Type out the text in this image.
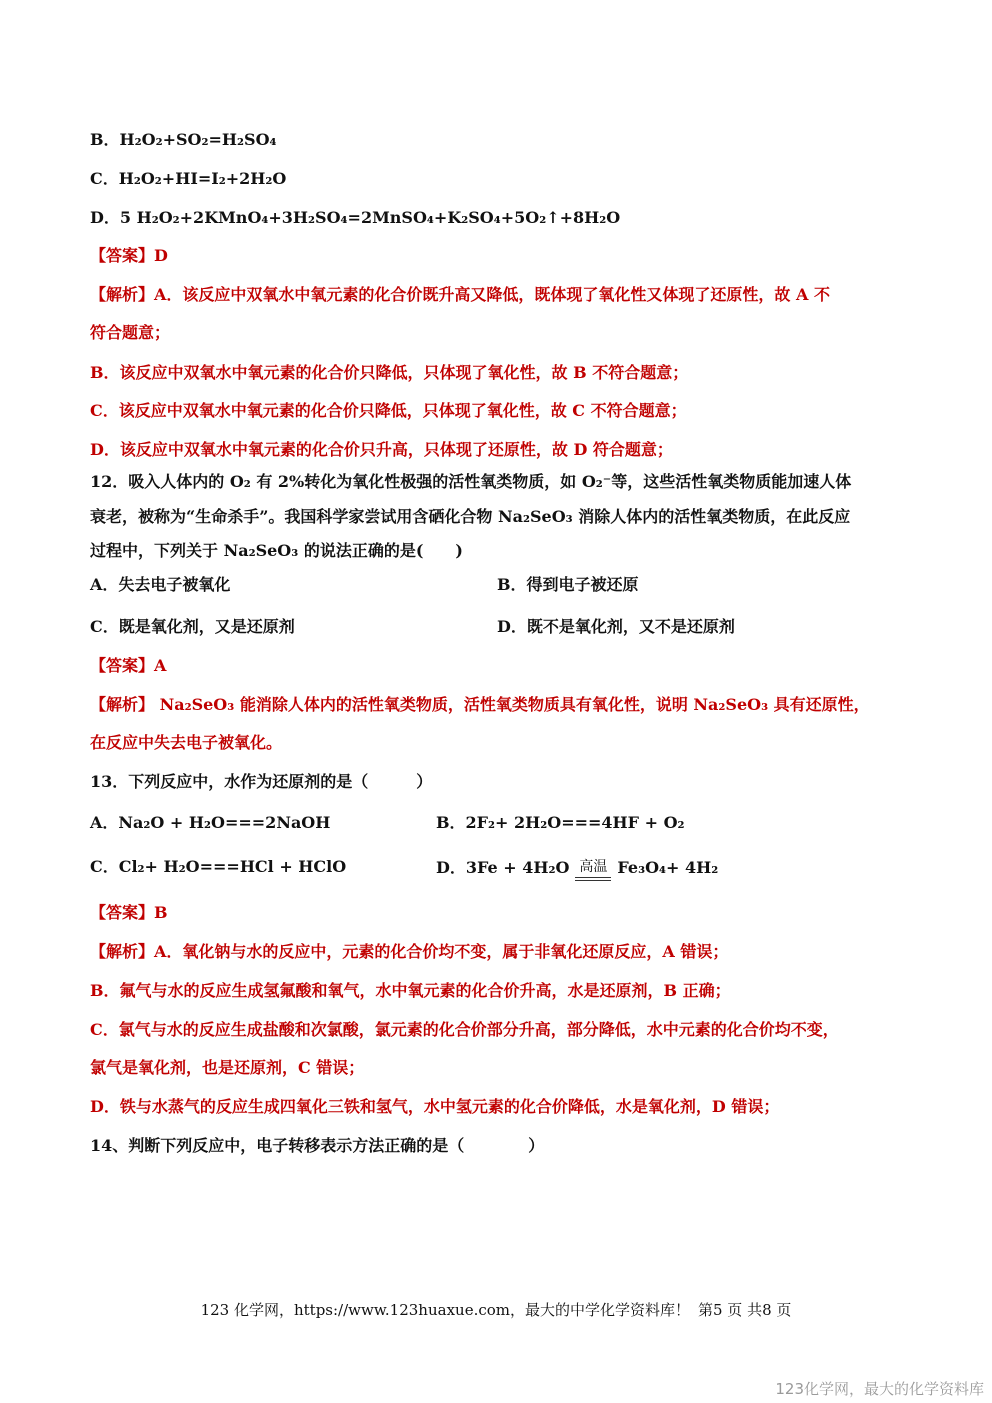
B．H₂O₂+SO₂=H₂SO₄
C．H₂O₂+HI=I₂+2H₂O
D．5 H₂O₂+2KMnO₄+3H₂SO₄=2MnSO₄+K₂SO₄+5O₂↑+8H₂O
【答案】D
【解析】A．该反应中双氧水中氧元素的化合价既升高又降低，既体现了氧化性又体现了还原性，故 A 不
符合题意；
B．该反应中双氧水中氧元素的化合价只降低，只体现了氧化性，故 B 不符合题意；
C．该反应中双氧水中氧元素的化合价只降低，只体现了氧化性，故 C 不符合题意；
D．该反应中双氧水中氧元素的化合价只升高，只体现了还原性，故 D 符合题意；
12．吸入人体内的 O₂ 有 2%转化为氧化性极强的活性氧类物质，如 O₂⁻等，这些活性氧类物质能加速人体
衰老，被称为“生命杀手”。我国科学家尝试用含硒化合物 Na₂SeO₃ 消除人体内的活性氧类物质，在此反应
过程中，下列关于 Na₂SeO₃ 的说法正确的是(　　)
A．失去电子被氧化	B．得到电子被还原
C．既是氧化剂，又是还原剂	D．既不是氧化剂，又不是还原剂
【答案】A
【解析】 Na₂SeO₃ 能消除人体内的活性氧类物质，活性氧类物质具有氧化性，说明 Na₂SeO₃ 具有还原性，
在反应中失去电子被氧化。
13．下列反应中，水作为还原剂的是（　　　）
A．Na₂O + H₂O===2NaOH	B．2F₂+ 2H₂O===4HF + O₂
C．Cl₂+ H₂O===HCl + HClO	D．3Fe + 4H₂O 高温 Fe₃O₄+ 4H₂
【答案】B
【解析】A．氧化钠与水的反应中，元素的化合价均不变，属于非氧化还原反应，A 错误；
B．氟气与水的反应生成氢氟酸和氧气，水中氧元素的化合价升高，水是还原剂，B 正确；
C．氯气与水的反应生成盐酸和次氯酸，氯元素的化合价部分升高，部分降低，水中元素的化合价均不变，
氯气是氧化剂，也是还原剂，C 错误；
D．铁与水蒸气的反应生成四氧化三铁和氢气，水中氢元素的化合价降低，水是氧化剂，D 错误；
14、判断下列反应中，电子转移表示方法正确的是（　　　　）
123 化学网，https://www.123huaxue.com，最大的中学化学资料库！ 第5 页 共8 页
123化学网，最大的化学资料库
